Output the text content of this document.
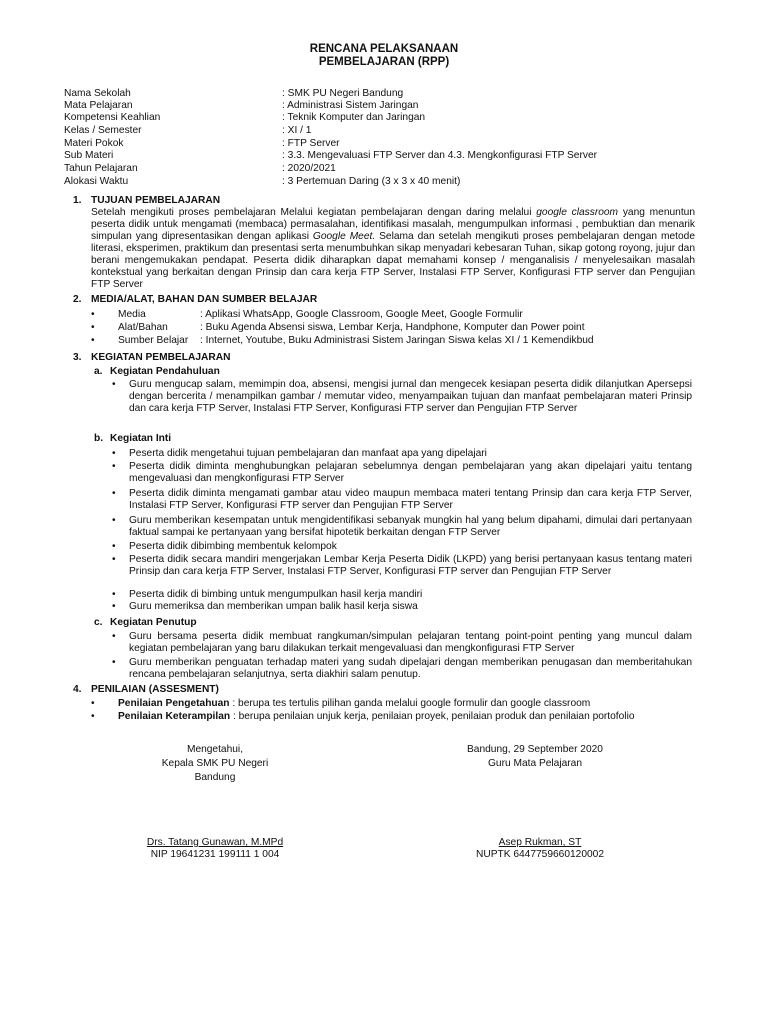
RENCANA PELAKSANAAN
PEMBELAJARAN (RPP)
Nama Sekolah	: SMK PU Negeri Bandung
Mata Pelajaran	: Administrasi Sistem Jaringan
Kompetensi Keahlian	: Teknik Komputer dan Jaringan
Kelas / Semester	: XI / 1
Materi Pokok	: FTP Server
Sub Materi	: 3.3. Mengevaluasi FTP Server dan 4.3. Mengkonfigurasi FTP Server
Tahun Pelajaran	: 2020/2021
Alokasi Waktu	: 3 Pertemuan Daring (3 x 3 x 40 menit)
1. TUJUAN PEMBELAJARAN
Setelah mengikuti proses pembelajaran Melalui kegiatan pembelajaran dengan daring melalui google classroom yang menuntun peserta didik untuk mengamati (membaca) permasalahan, identifikasi masalah, mengumpulkan informasi , pembuktian dan menarik simpulan yang dipresentasikan dengan aplikasi Google Meet. Selama dan setelah mengikuti proses pembelajaran dengan metode literasi, eksperimen, praktikum dan presentasi serta menumbuhkan sikap menyadari kebesaran Tuhan, sikap gotong royong, jujur dan berani mengemukakan pendapat. Peserta didik diharapkan dapat memahami konsep / menganalisis / menyelesaikan masalah kontekstual yang berkaitan dengan Prinsip dan cara kerja FTP Server, Instalasi FTP Server, Konfigurasi FTP server dan Pengujian FTP Server
2. MEDIA/ALAT, BAHAN DAN SUMBER BELAJAR
• Media	: Aplikasi WhatsApp, Google Classroom, Google Meet, Google Formulir
• Alat/Bahan	: Buku Agenda Absensi siswa, Lembar Kerja, Handphone, Komputer dan Power point
• Sumber Belajar : Internet, Youtube, Buku Administrasi Sistem Jaringan Siswa kelas XI / 1 Kemendikbud
3. KEGIATAN PEMBELAJARAN
a. Kegiatan Pendahuluan
• Guru mengucap salam, memimpin doa, absensi, mengisi jurnal dan mengecek kesiapan peserta didik dilanjutkan Apersepsi dengan bercerita / menampilkan gambar / memutar video, menyampaikan tujuan dan manfaat pembelajaran materi Prinsip dan cara kerja FTP Server, Instalasi FTP Server, Konfigurasi FTP server dan Pengujian FTP Server
b. Kegiatan Inti
• Peserta didik mengetahui tujuan pembelajaran dan manfaat apa yang dipelajari
• Peserta didik diminta menghubungkan pelajaran sebelumnya dengan pembelajaran yang akan dipelajari yaitu tentang mengevaluasi dan mengkonfigurasi FTP Server
• Peserta didik diminta mengamati gambar atau video maupun membaca materi tentang Prinsip dan cara kerja FTP Server, Instalasi FTP Server, Konfigurasi FTP server dan Pengujian FTP Server
• Guru memberikan kesempatan untuk mengidentifikasi sebanyak mungkin hal yang belum dipahami, dimulai dari pertanyaan faktual sampai ke pertanyaan yang bersifat hipotetik berkaitan dengan FTP Server
• Peserta didik dibimbing membentuk kelompok
• Peserta didik secara mandiri mengerjakan Lembar Kerja Peserta Didik (LKPD) yang berisi pertanyaan kasus tentang materi Prinsip dan cara kerja FTP Server, Instalasi FTP Server, Konfigurasi FTP server dan Pengujian FTP Server
• Peserta didik di bimbing untuk mengumpulkan hasil kerja mandiri
• Guru memeriksa dan memberikan umpan balik hasil kerja siswa
c. Kegiatan Penutup
• Guru bersama peserta didik membuat rangkuman/simpulan pelajaran tentang point-point penting yang muncul dalam kegiatan pembelajaran yang baru dilakukan terkait mengevaluasi dan mengkonfigurasi FTP Server
• Guru memberikan penguatan terhadap materi yang sudah dipelajari dengan memberikan penugasan dan memberitahukan rencana pembelajaran selanjutnya, serta diakhiri salam penutup.
4. PENILAIAN (ASSESMENT)
• Penilaian Pengetahuan : berupa tes tertulis pilihan ganda melalui google formulir dan google classroom
• Penilaian Keterampilan : berupa penilaian unjuk kerja, penilaian proyek, penilaian produk dan penilaian portofolio
Mengetahui,
Kepala SMK PU Negeri
Bandung
Drs. Tatang Gunawan, M.MPd
NIP 19641231 199111 1 004
Bandung, 29 September 2020
Guru Mata Pelajaran
Asep Rukman, ST
NUPTK 6447759660120002
